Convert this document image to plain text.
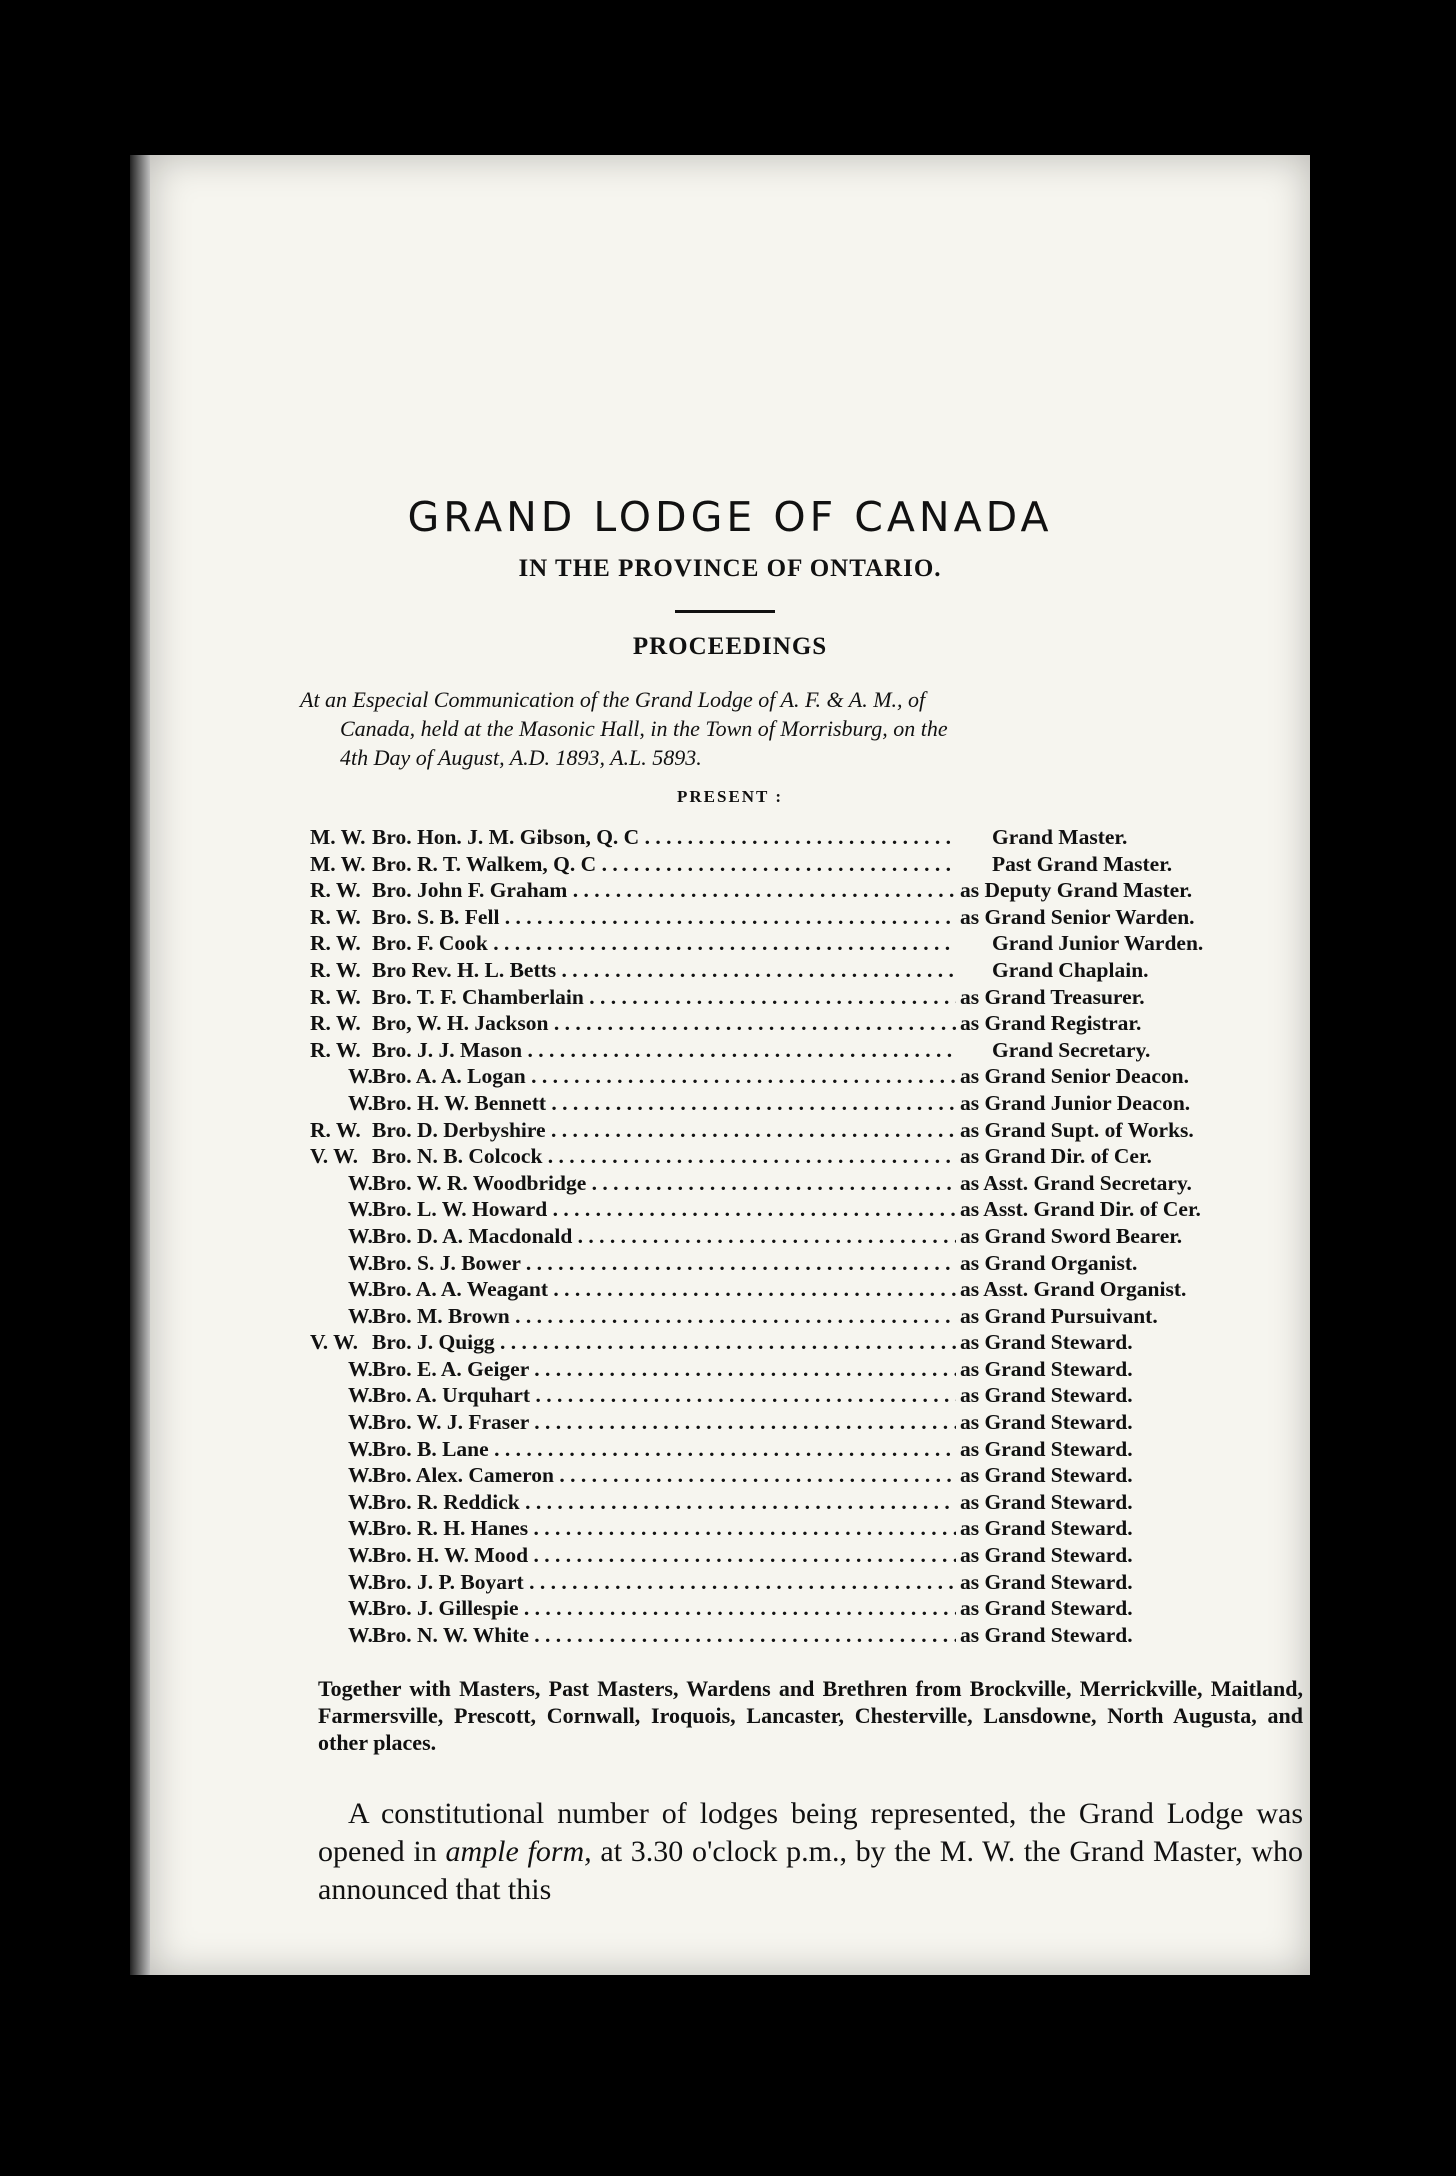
GRAND LODGE OF CANADA
IN THE PROVINCE OF ONTARIO.
PROCEEDINGS
At an Especial Communication of the Grand Lodge of A. F. & A. M., of
Canada, held at the Masonic Hall, in the Town of Morrisburg, on the
4th Day of August, A.D. 1893, A.L. 5893.
PRESENT :
M. W. Bro. Hon. J. M. Gibson, Q. C . . .	Grand Master.
M. W. Bro. R. T. Walkem, Q. C . . .	Past Grand Master.
R. W. Bro. John F. Graham . . .	as Deputy Grand Master.
R. W. Bro. S. B. Fell . . .	as Grand Senior Warden.
R. W. Bro. F. Cook . . .	Grand Junior Warden.
R. W. Bro Rev. H. L. Betts . . .	Grand Chaplain.
R. W. Bro. T. F. Chamberlain . . .	as Grand Treasurer.
R. W. Bro, W. H. Jackson . . .	as Grand Registrar.
R. W. Bro. J. J. Mason . . .	Grand Secretary.
W. Bro. A. A. Logan . . .	as Grand Senior Deacon.
W. Bro. H. W. Bennett . . .	as Grand Junior Deacon.
R. W. Bro. D. Derbyshire . . .	as Grand Supt. of Works.
V. W. Bro. N. B. Colcock . . .	as Grand Dir. of Cer.
W. Bro. W. R. Woodbridge . . .	as Asst. Grand Secretary.
W. Bro. L. W. Howard . . .	as Asst. Grand Dir. of Cer.
W. Bro. D. A. Macdonald . . .	as Grand Sword Bearer.
W. Bro. S. J. Bower . . .	as Grand Organist.
W. Bro. A. A. Weagant . . .	as Asst. Grand Organist.
W. Bro. M. Brown . . .	as Grand Pursuivant.
V. W. Bro. J. Quigg . . .	as Grand Steward.
W. Bro. E. A. Geiger . . .	as Grand Steward.
W. Bro. A. Urquhart . . .	as Grand Steward.
W. Bro. W. J. Fraser . . .	as Grand Steward.
W. Bro. B. Lane . . .	as Grand Steward.
W. Bro. Alex. Cameron . . .	as Grand Steward.
W. Bro. R. Reddick . . .	as Grand Steward.
W. Bro. R. H. Hanes . . .	as Grand Steward.
W. Bro. H. W. Mood . . .	as Grand Steward.
W. Bro. J. P. Boyart . . .	as Grand Steward.
W. Bro. J. Gillespie . . .	as Grand Steward.
W. Bro. N. W. White . . .	as Grand Steward.
Together with Masters, Past Masters, Wardens and Brethren from Brockville, Merrickville, Maitland, Farmersville, Prescott, Cornwall, Iroquois, Lancaster, Chesterville, Lansdowne, North Augusta, and other places.
A constitutional number of lodges being represented, the Grand Lodge was opened in ample form, at 3.30 o'clock p.m., by the M. W. the Grand Master, who announced that this
